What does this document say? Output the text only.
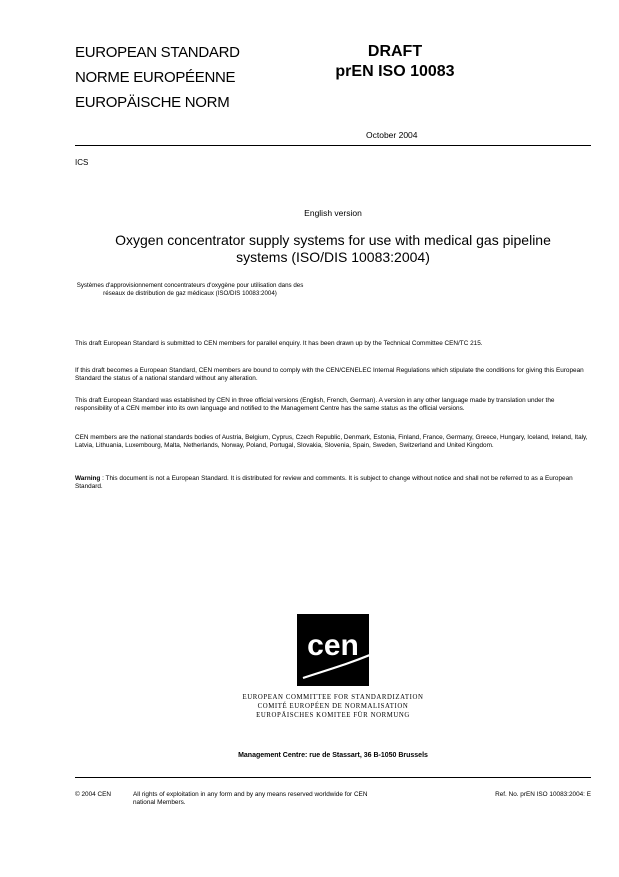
EUROPEAN STANDARD
NORME EUROPÉENNE
EUROPÄISCHE NORM
DRAFT
prEN ISO 10083
October 2004
ICS
English version
Oxygen concentrator supply systems for use with medical gas pipeline systems (ISO/DIS 10083:2004)
Systèmes d'approvisionnement concentrateurs d'oxygène pour utilisation dans des réseaux de distribution de gaz médicaux (ISO/DIS 10083:2004)
This draft European Standard is submitted to CEN members for parallel enquiry. It has been drawn up by the Technical Committee CEN/TC 215.
If this draft becomes a European Standard, CEN members are bound to comply with the CEN/CENELEC Internal Regulations which stipulate the conditions for giving this European Standard the status of a national standard without any alteration.
This draft European Standard was established by CEN in three official versions (English, French, German). A version in any other language made by translation under the responsibility of a CEN member into its own language and notified to the Management Centre has the same status as the official versions.
CEN members are the national standards bodies of Austria, Belgium, Cyprus, Czech Republic, Denmark, Estonia, Finland, France, Germany, Greece, Hungary, Iceland, Ireland, Italy, Latvia, Lithuania, Luxembourg, Malta, Netherlands, Norway, Poland, Portugal, Slovakia, Slovenia, Spain, Sweden, Switzerland and United Kingdom.
Warning : This document is not a European Standard. It is distributed for review and comments. It is subject to change without notice and shall not be referred to as a European Standard.
cen
EUROPEAN COMMITTEE FOR STANDARDIZATION
COMITÉ EUROPÉEN DE NORMALISATION
EUROPÄISCHES KOMITEE FÜR NORMUNG
Management Centre: rue de Stassart, 36 B-1050 Brussels
© 2004 CEN	All rights of exploitation in any form and by any means reserved worldwide for CEN national Members.
Ref. No. prEN ISO 10083:2004: E
